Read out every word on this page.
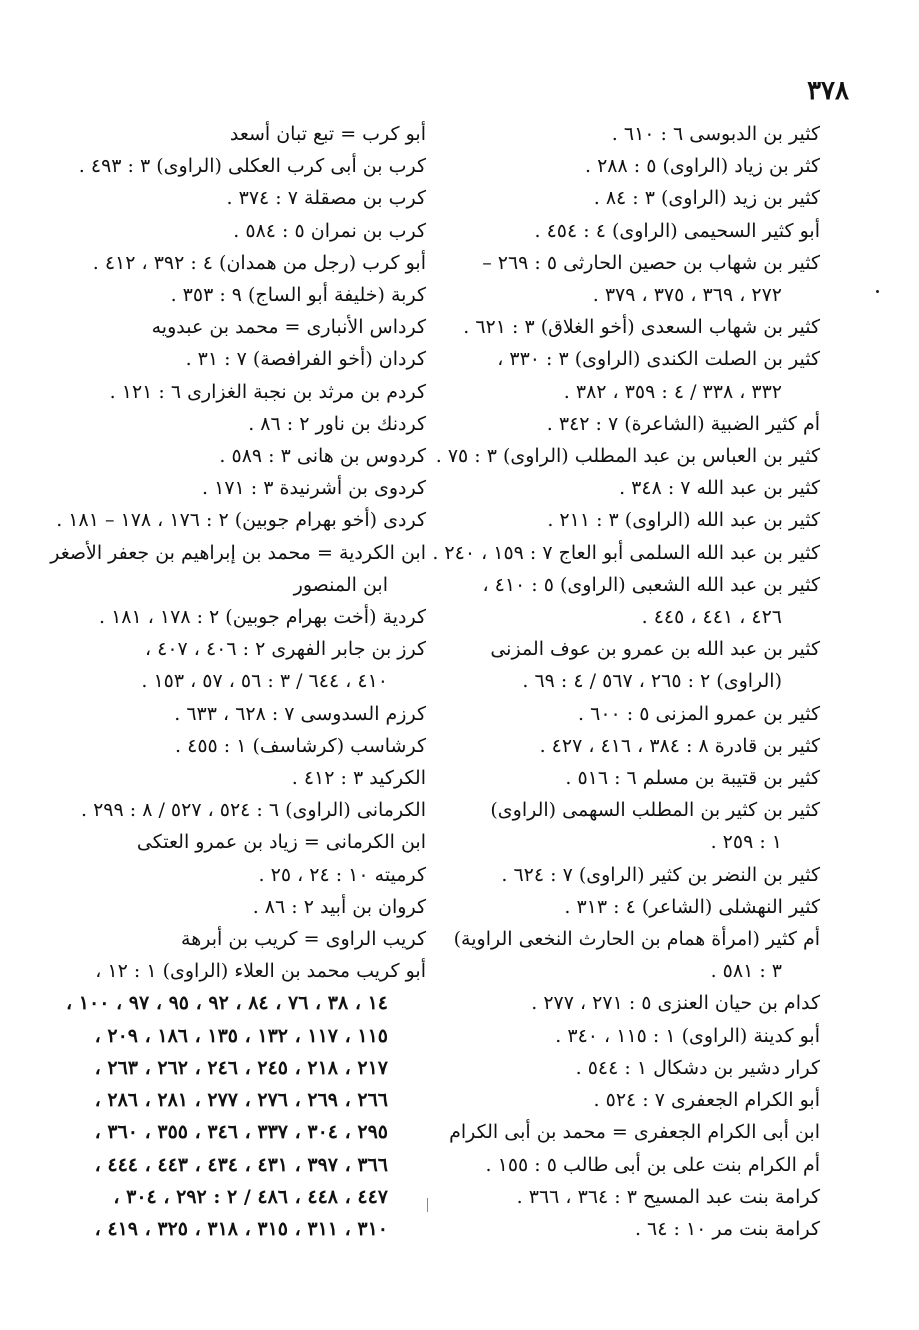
٣٧٨
كثير بن الدبوسى ٦ : ٦١٠ .
كثر بن زياد (الراوى) ٥ : ٢٨٨ .
كثير بن زيد (الراوى) ٣ : ٨٤ .
أبو كثير السحيمى (الراوى) ٤ : ٤٥٤ .
كثير بن شهاب بن حصين الحارثى ٥ : ٢٦٩ –
٢٧٢ ، ٣٦٩ ، ٣٧٥ ، ٣٧٩ .
كثير بن شهاب السعدى (أخو الغلاق) ٣ : ٦٢١ .
كثير بن الصلت الكندى (الراوى) ٣ : ٣٣٠ ،
٣٣٢ ، ٣٣٨ / ٤ : ٣٥٩ ، ٣٨٢ .
أم كثير الضبية (الشاعرة) ٧ : ٣٤٢ .
كثير بن العباس بن عبد المطلب (الراوى) ٣ : ٧٥ .
كثير بن عبد الله ٧ : ٣٤٨ .
كثير بن عبد الله (الراوى) ٣ : ٢١١ .
كثير بن عبد الله السلمى أبو العاج ٧ : ١٥٩ ، ٢٤٠ .
كثير بن عبد الله الشعبى (الراوى) ٥ : ٤١٠ ،
٤٢٦ ، ٤٤١ ، ٤٤٥ .
كثير بن عبد الله بن عمرو بن عوف المزنى
(الراوى) ٢ : ٢٦٥ ، ٥٦٧ / ٤ : ٦٩ .
كثير بن عمرو المزنى ٥ : ٦٠٠ .
كثير بن قادرة ٨ : ٣٨٤ ، ٤١٦ ، ٤٢٧ .
كثير بن قتيبة بن مسلم ٦ : ٥١٦ .
كثير بن كثير بن المطلب السهمى (الراوى)
١ : ٢٥٩ .
كثير بن النضر بن كثير (الراوى) ٧ : ٦٢٤ .
كثير النهشلى (الشاعر) ٤ : ٣١٣ .
أم كثير (امرأة همام بن الحارث النخعى الراوية)
٣ : ٥٨١ .
كدام بن حيان العنزى ٥ : ٢٧١ ، ٢٧٧ .
أبو كدينة (الراوى) ١ : ١١٥ ، ٣٤٠ .
كرار دشير بن دشكال ١ : ٥٤٤ .
أبو الكرام الجعفرى ٧ : ٥٢٤ .
ابن أبى الكرام الجعفرى = محمد بن أبى الكرام
أم الكرام بنت على بن أبى طالب ٥ : ١٥٥ .
كرامة بنت عبد المسيح ٣ : ٣٦٤ ، ٣٦٦ .
كرامة بنت مر ١٠ : ٦٤ .
أبو كرب = تبع تبان أسعد
كرب بن أبى كرب العكلى (الراوى) ٣ : ٤٩٣ .
كرب بن مصقلة ٧ : ٣٧٤ .
كرب بن نمران ٥ : ٥٨٤ .
أبو كرب (رجل من همدان) ٤ : ٣٩٢ ، ٤١٢ .
كربة (خليفة أبو الساج) ٩ : ٣٥٣ .
كرداس الأنبارى = محمد بن عبدويه
كردان (أخو الفرافصة) ٧ : ٣١ .
كردم بن مرثد بن نجبة الغزارى ٦ : ١٢١ .
كردنك بن ناور ٢ : ٨٦ .
كردوس بن هانى ٣ : ٥٨٩ .
كردوى بن أشرنيدة ٣ : ١٧١ .
كردى (أخو بهرام جوبين) ٢ : ١٧٦ ، ١٧٨ – ١٨١ .
ابن الكردية = محمد بن إبراهيم بن جعفر الأصغر
ابن المنصور
كردية (أخت بهرام جوبين) ٢ : ١٧٨ ، ١٨١ .
كرز بن جابر الفهرى ٢ : ٤٠٦ ، ٤٠٧ ،
٤١٠ ، ٦٤٤ / ٣ : ٥٦ ، ٥٧ ، ١٥٣ .
كرزم السدوسى ٧ : ٦٢٨ ، ٦٣٣ .
كرشاسب (كرشاسف) ١ : ٤٥٥ .
الكركيد ٣ : ٤١٢ .
الكرمانى (الراوى) ٦ : ٥٢٤ ، ٥٢٧ / ٨ : ٢٩٩ .
ابن الكرمانى = زياد بن عمرو العتكى
كرميته ١٠ : ٢٤ ، ٢٥ .
كروان بن أبيد ٢ : ٨٦ .
كريب الراوى = كريب بن أبرهة
أبو كريب محمد بن العلاء (الراوى) ١ : ١٢ ،
١٤ ، ٣٨ ، ٧٦ ، ٨٤ ، ٩٢ ، ٩٥ ، ٩٧ ، ١٠٠ ،
١١٥ ، ١١٧ ، ١٣٢ ، ١٣٥ ، ١٨٦ ، ٢٠٩ ،
٢١٧ ، ٢١٨ ، ٢٤٥ ، ٢٤٦ ، ٢٦٢ ، ٢٦٣ ،
٢٦٦ ، ٢٦٩ ، ٢٧٦ ، ٢٧٧ ، ٢٨١ ، ٢٨٦ ،
٢٩٥ ، ٣٠٤ ، ٣٣٧ ، ٣٤٦ ، ٣٥٥ ، ٣٦٠ ،
٣٦٦ ، ٣٩٧ ، ٤٣١ ، ٤٣٤ ، ٤٤٣ ، ٤٤٤ ،
٤٤٧ ، ٤٤٨ ، ٤٨٦ / ٢ : ٢٩٢ ، ٣٠٤ ،
٣١٠ ، ٣١١ ، ٣١٥ ، ٣١٨ ، ٣٢٥ ، ٤١٩ ،
